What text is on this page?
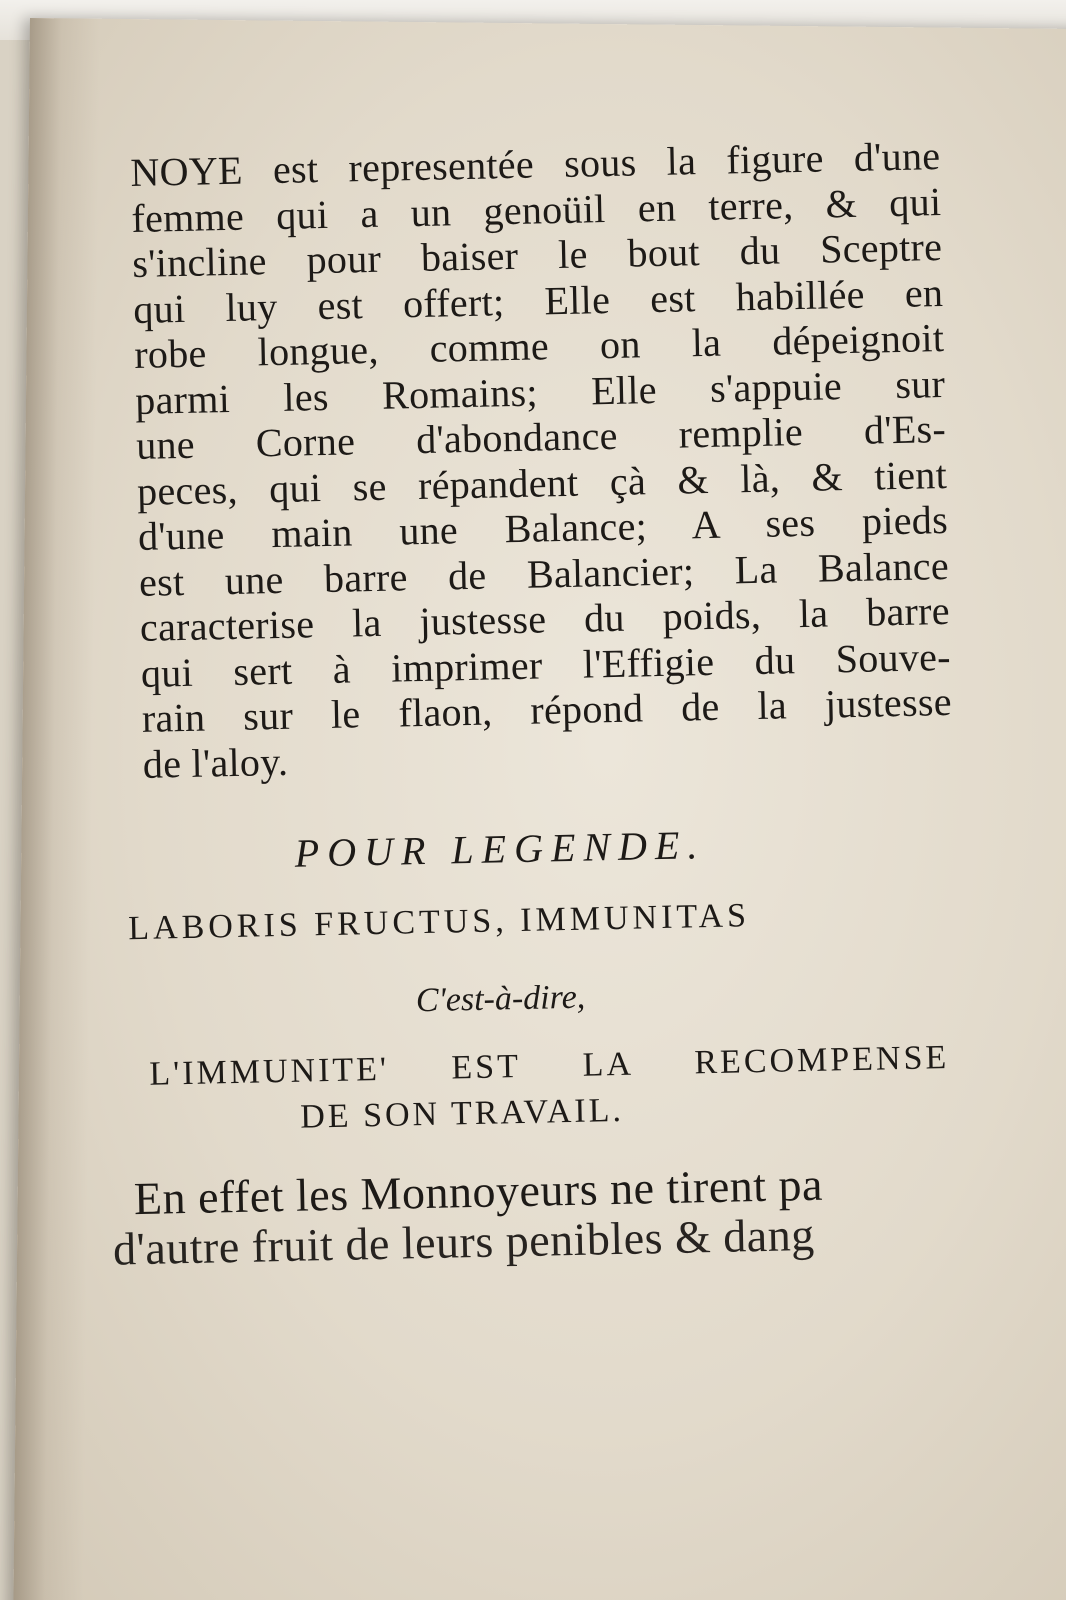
NOYE est representée sous la figure d'une
femme qui a un genoüil en terre, & qui
s'incline pour baiser le bout du Sceptre
qui luy est offert; Elle est habillée en
robe longue, comme on la dépeignoit
parmi les Romains; Elle s'appuie sur
une Corne d'abondance remplie d'Es-
peces, qui se répandent çà & là, & tient
d'une main une Balance; A ses pieds
est une barre de Balancier; La Balance
caracterise la justesse du poids, la barre
qui sert à imprimer l'Effigie du Souve-
rain sur le flaon, répond de la justesse
de l'aloy.
POUR LEGENDE.
LABORIS FRUCTUS, IMMUNITAS
C'est-à-dire,
L'IMMUNITE' EST LA RECOMPENSE
DE SON TRAVAIL.
En effet les Monnoyeurs ne tirent pa
d'autre fruit de leurs penibles & dang
